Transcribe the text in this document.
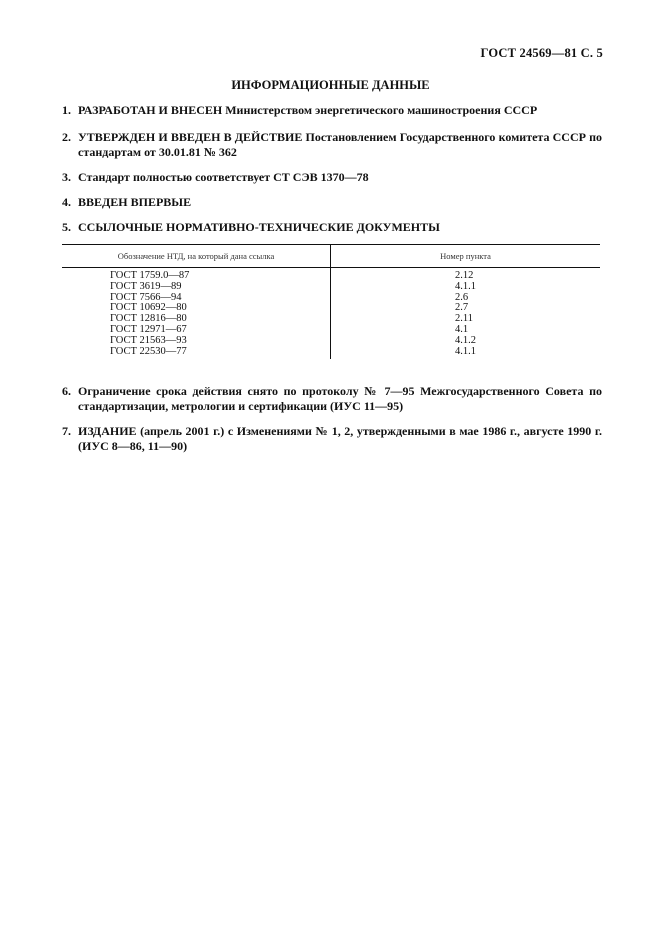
ГОСТ 24569—81 С. 5
ИНФОРМАЦИОННЫЕ ДАННЫЕ
1. РАЗРАБОТАН И ВНЕСЕН Министерством энергетического машиностроения СССР
2. УТВЕРЖДЕН И ВВЕДЕН В ДЕЙСТВИЕ Постановлением Государственного комитета СССР по стандартам от 30.01.81 № 362
3. Стандарт полностью соответствует СТ СЭВ 1370—78
4. ВВЕДЕН ВПЕРВЫЕ
5. ССЫЛОЧНЫЕ НОРМАТИВНО-ТЕХНИЧЕСКИЕ ДОКУМЕНТЫ
Обозначение НТД, на который дана ссылка	Номер пункта
ГОСТ 1759.0—87	2.12
ГОСТ 3619—89	4.1.1
ГОСТ 7566—94	2.6
ГОСТ 10692—80	2.7
ГОСТ 12816—80	2.11
ГОСТ 12971—67	4.1
ГОСТ 21563—93	4.1.2
ГОСТ 22530—77	4.1.1
6. Ограничение срока действия снято по протоколу № 7—95 Межгосударственного Совета по стандартизации, метрологии и сертификации (ИУС 11—95)
7. ИЗДАНИЕ (апрель 2001 г.) с Изменениями № 1, 2, утвержденными в мае 1986 г., августе 1990 г. (ИУС 8—86, 11—90)
